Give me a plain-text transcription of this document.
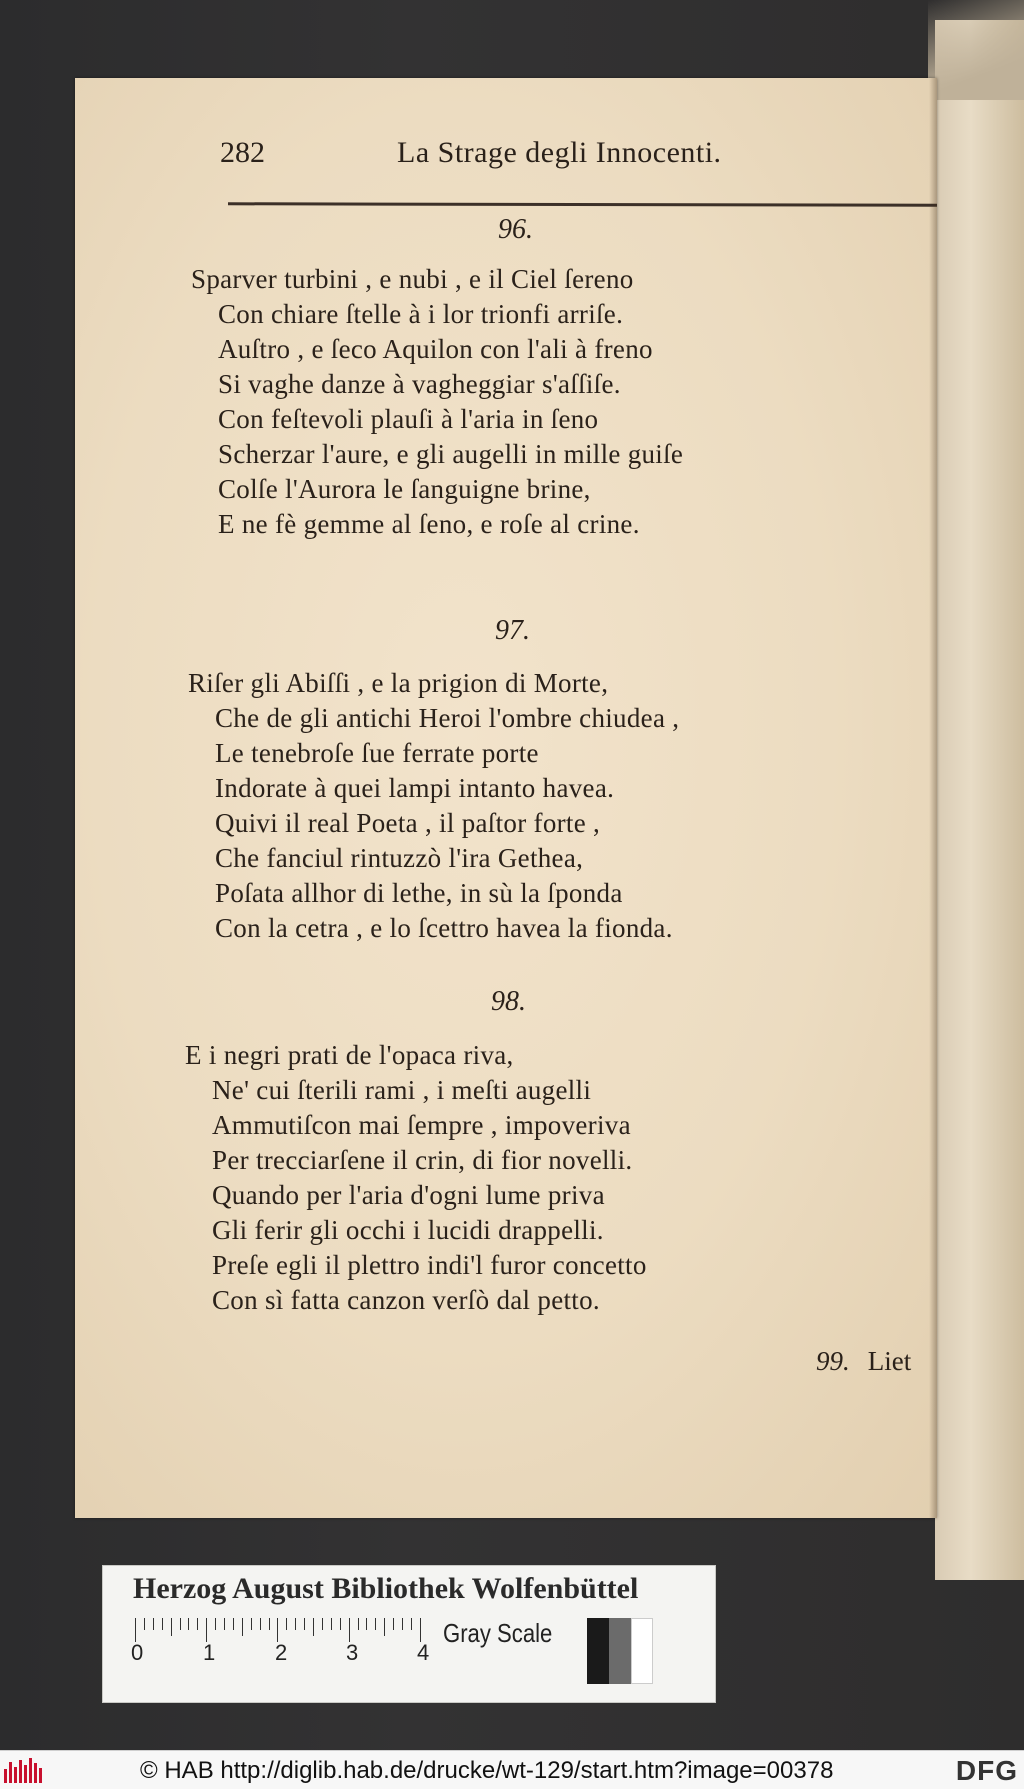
282	La Strage degli Innocenti.
96.
Sparver turbini , e nubi , e il Ciel ſereno
Con chiare ſtelle à i lor trionfi arriſe.
Auſtro , e ſeco Aquilon con l'ali à freno
Si vaghe danze à vagheggiar s'aſſiſe.
Con feſtevoli plauſi à l'aria in ſeno
Scherzar l'aure, e gli augelli in mille guiſe
Colſe l'Aurora le ſanguigne brine,
E ne fè gemme al ſeno, e roſe al crine.
97.
Riſer gli Abiſſi , e la prigion di Morte,
Che de gli antichi Heroi l'ombre chiudea ,
Le tenebroſe ſue ferrate porte
Indorate à quei lampi intanto havea.
Quivi il real Poeta , il paſtor forte ,
Che fanciul rintuzzò l'ira Gethea,
Poſata allhor di lethe, in sù la ſponda
Con la cetra , e lo ſcettro havea la fionda.
98.
E i negri prati de l'opaca riva,
Ne' cui ſterili rami , i meſti augelli
Ammutiſcon mai ſempre , impoveriva
Per trecciarſene il crin, di fior novelli.
Quando per l'aria d'ogni lume priva
Gli ferir gli occhi i lucidi drappelli.
Preſe egli il plettro indi'l furor concetto
Con sì fatta canzon verſò dal petto.
99. Liet
Herzog August Bibliothek Wolfenbüttel
0	1	2	3	4
Gray Scale
© HAB http://diglib.hab.de/drucke/wt-129/start.htm?image=00378	DFG
